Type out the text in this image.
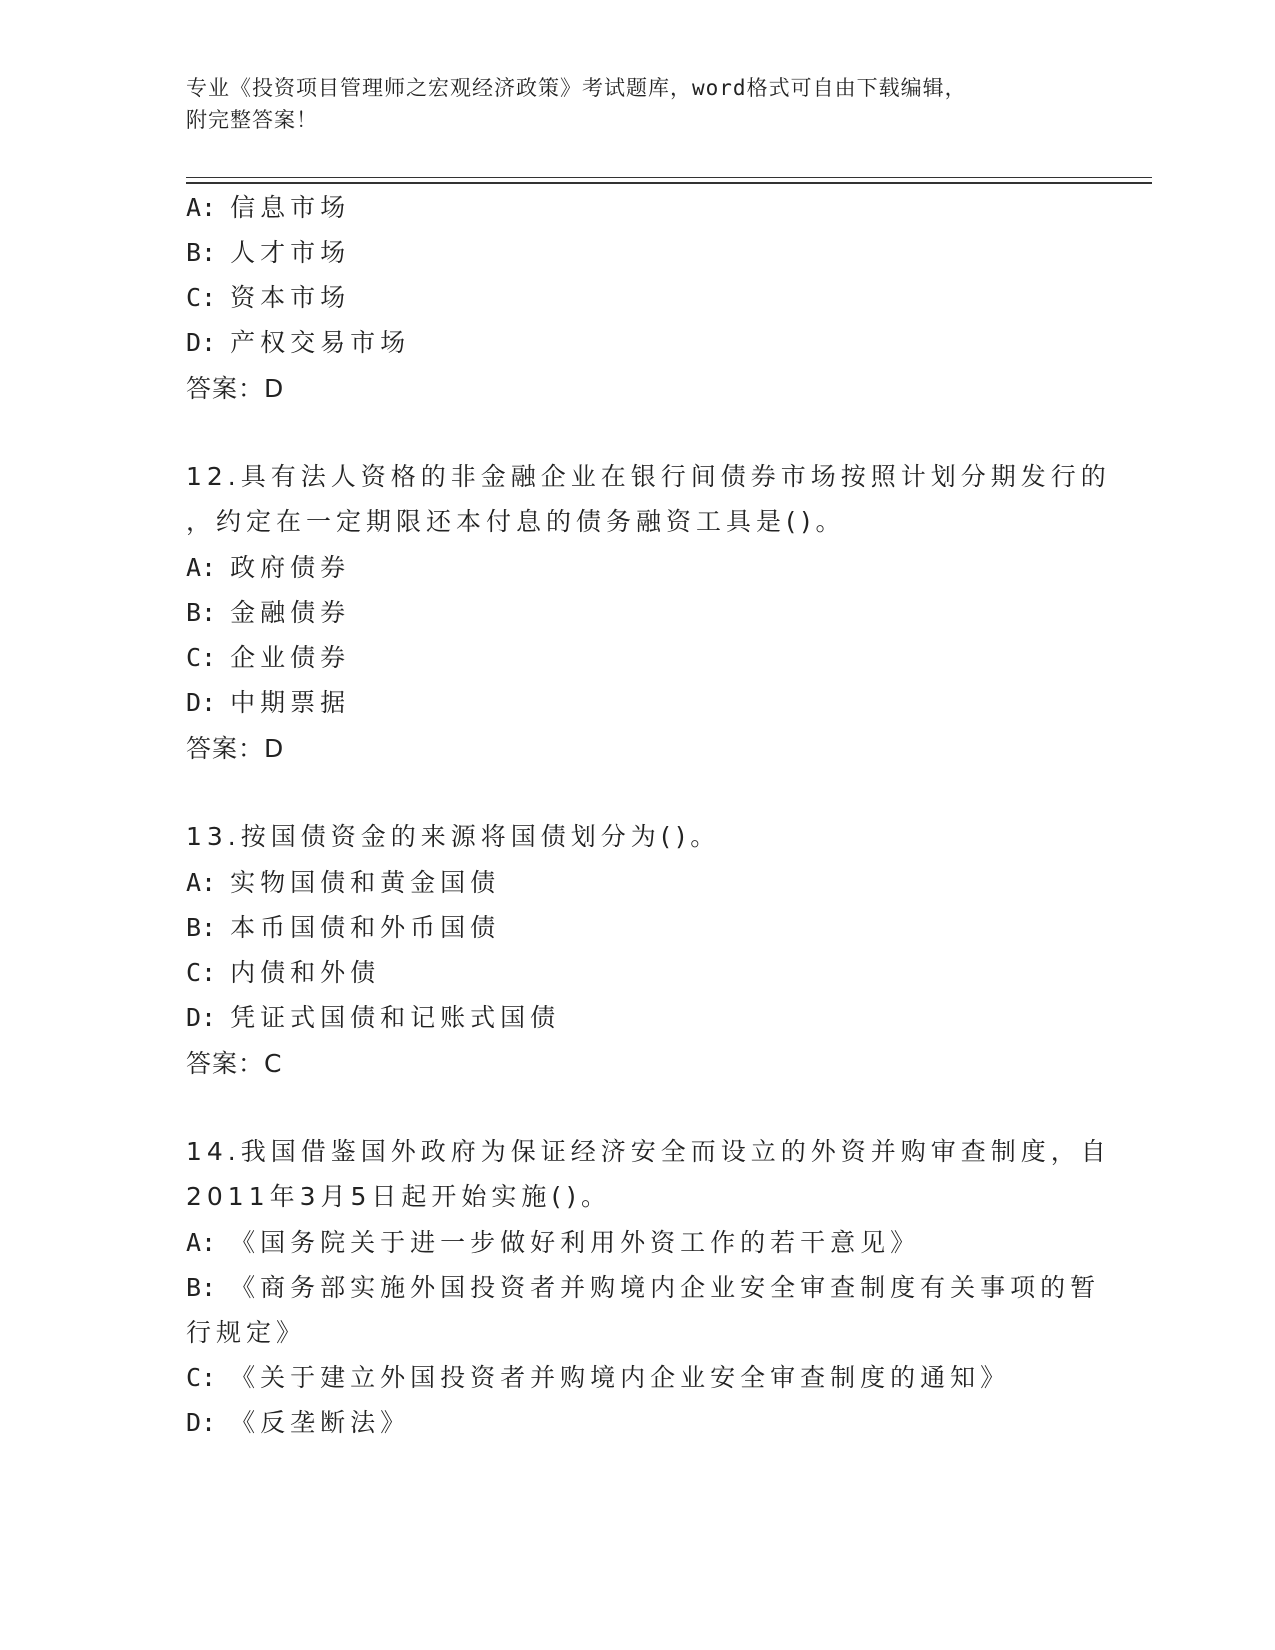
专业《投资项目管理师之宏观经济政策》考试题库，word格式可自由下载编辑，
附完整答案！
A: 信息市场
B: 人才市场
C: 资本市场
D: 产权交易市场
答案：D
12.具有法人资格的非金融企业在银行间债券市场按照计划分期发行的
，约定在一定期限还本付息的债务融资工具是()。
A: 政府债券
B: 金融债券
C: 企业债券
D: 中期票据
答案：D
13.按国债资金的来源将国债划分为()。
A: 实物国债和黄金国债
B: 本币国债和外币国债
C: 内债和外债
D: 凭证式国债和记账式国债
答案：C
14.我国借鉴国外政府为保证经济安全而设立的外资并购审查制度，自
2011年3月5日起开始实施()。
A: 《国务院关于进一步做好利用外资工作的若干意见》
B: 《商务部实施外国投资者并购境内企业安全审查制度有关事项的暂
行规定》
C: 《关于建立外国投资者并购境内企业安全审查制度的通知》
D: 《反垄断法》
